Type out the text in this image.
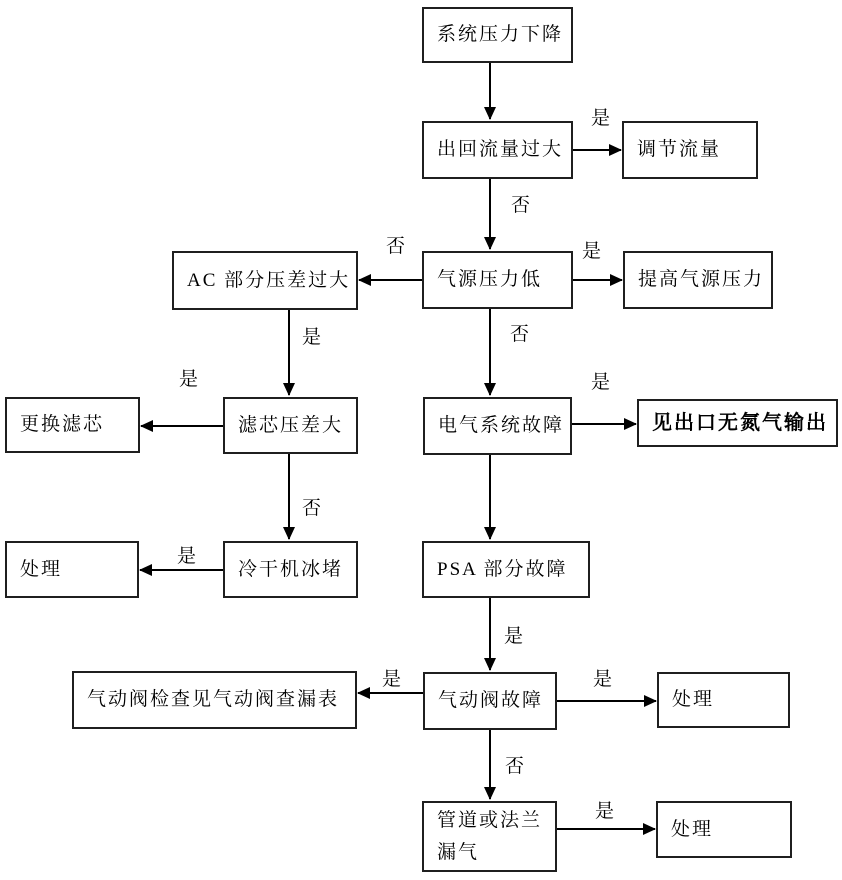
系统压力下降
出回流量过大	调节流量
气源压力低	提高气源压力
AC 部分压差过大
滤芯压差大
更换滤芯	电气系统故障	见出口无氮气输出
冷干机冰堵
处理	PSA 部分故障
气动阀故障
气动阀检查见气动阀查漏表	处理
管道或法兰漏气
处理
是
否
是
否
否
是
是
否
是
是
是
是	是
否
是
